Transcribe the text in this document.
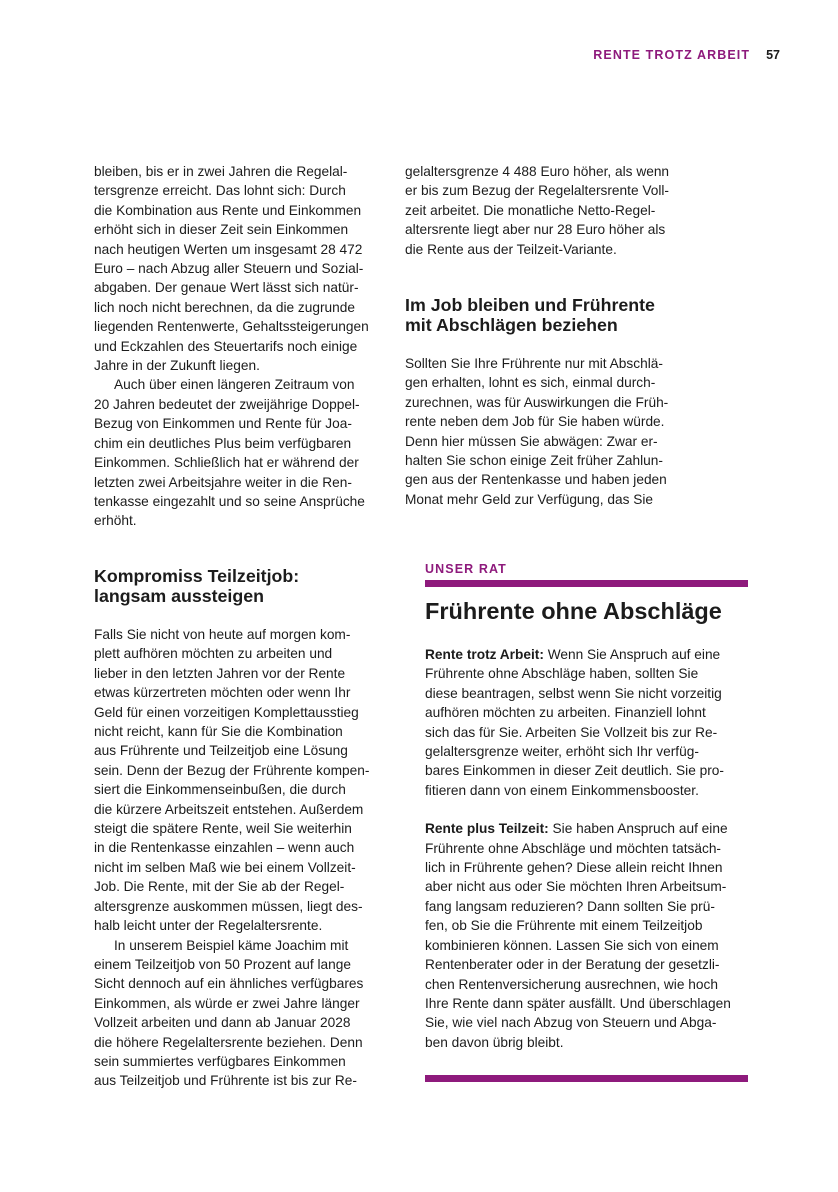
RENTE TROTZ ARBEIT 57

bleiben, bis er in zwei Jahren die Regelal-
tersgrenze erreicht. Das lohnt sich: Durch
die Kombination aus Rente und Einkommen
erhöht sich in dieser Zeit sein Einkommen
nach heutigen Werten um insgesamt 28 472
Euro – nach Abzug aller Steuern und Sozial-
abgaben. Der genaue Wert lässt sich natür-
lich noch nicht berechnen, da die zugrunde
liegenden Rentenwerte, Gehaltssteigerungen
und Eckzahlen des Steuertarifs noch einige
Jahre in der Zukunft liegen.

Auch über einen längeren Zeitraum von
20 Jahren bedeutet der zweijährige Doppel-
Bezug von Einkommen und Rente für Joa-
chim ein deutliches Plus beim verfügbaren
Einkommen. Schließlich hat er während der
letzten zwei Arbeitsjahre weiter in die Ren-
tenkasse eingezahlt und so seine Ansprüche
erhöht.

Kompromiss Teilzeitjob:
langsam aussteigen

Falls Sie nicht von heute auf morgen kom-
plett aufhören möchten zu arbeiten und
lieber in den letzten Jahren vor der Rente
etwas kürzertreten möchten oder wenn Ihr
Geld für einen vorzeitigen Komplettausstieg
nicht reicht, kann für Sie die Kombination
aus Frührente und Teilzeitjob eine Lösung
sein. Denn der Bezug der Frührente kompen-
siert die Einkommenseinbußen, die durch
die kürzere Arbeitszeit entstehen. Außerdem
steigt die spätere Rente, weil Sie weiterhin
in die Rentenkasse einzahlen – wenn auch
nicht im selben Maß wie bei einem Vollzeit-
Job. Die Rente, mit der Sie ab der Regel-
altersgrenze auskommen müssen, liegt des-
halb leicht unter der Regelaltersrente.

In unserem Beispiel käme Joachim mit
einem Teilzeitjob von 50 Prozent auf lange
Sicht dennoch auf ein ähnliches verfügbares
Einkommen, als würde er zwei Jahre länger
Vollzeit arbeiten und dann ab Januar 2028
die höhere Regelaltersrente beziehen. Denn
sein summiertes verfügbares Einkommen
aus Teilzeitjob und Frührente ist bis zur Re-

gelaltersgrenze 4 488 Euro höher, als wenn
er bis zum Bezug der Regelaltersrente Voll-
zeit arbeitet. Die monatliche Netto-Regel-
altersrente liegt aber nur 28 Euro höher als
die Rente aus der Teilzeit-Variante.

Im Job bleiben und Frührente
mit Abschlägen beziehen

Sollten Sie Ihre Frührente nur mit Abschlä-
gen erhalten, lohnt es sich, einmal durch-
zurechnen, was für Auswirkungen die Früh-
rente neben dem Job für Sie haben würde.
Denn hier müssen Sie abwägen: Zwar er-
halten Sie schon einige Zeit früher Zahlun-
gen aus der Rentenkasse und haben jeden
Monat mehr Geld zur Verfügung, das Sie

UNSER RAT
Frührente ohne Abschläge

Rente trotz Arbeit: Wenn Sie Anspruch auf eine
Frührente ohne Abschläge haben, sollten Sie
diese beantragen, selbst wenn Sie nicht vorzeitig
aufhören möchten zu arbeiten. Finanziell lohnt
sich das für Sie. Arbeiten Sie Vollzeit bis zur Re-
gelaltersgrenze weiter, erhöht sich Ihr verfüg-
bares Einkommen in dieser Zeit deutlich. Sie pro-
fitieren dann von einem Einkommensbooster.

Rente plus Teilzeit: Sie haben Anspruch auf eine
Frührente ohne Abschläge und möchten tatsäch-
lich in Frührente gehen? Diese allein reicht Ihnen
aber nicht aus oder Sie möchten Ihren Arbeitsum-
fang langsam reduzieren? Dann sollten Sie prü-
fen, ob Sie die Frührente mit einem Teilzeitjob
kombinieren können. Lassen Sie sich von einem
Rentenberater oder in der Beratung der gesetzli-
chen Rentenversicherung ausrechnen, wie hoch
Ihre Rente dann später ausfällt. Und überschlagen
Sie, wie viel nach Abzug von Steuern und Abga-
ben davon übrig bleibt.
